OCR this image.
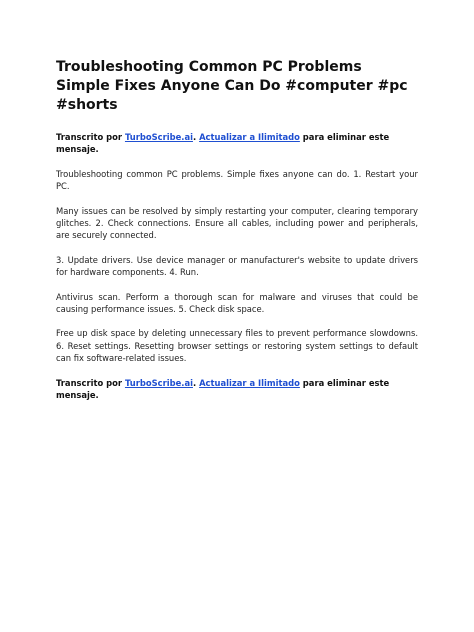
Troubleshooting Common PC Problems Simple Fixes Anyone Can Do #computer #pc #shorts
Transcrito por TurboScribe.ai. Actualizar a Ilimitado para eliminar este mensaje.

Troubleshooting common PC problems. Simple fixes anyone can do. 1. Restart your PC.

Many issues can be resolved by simply restarting your computer, clearing temporary glitches. 2. Check connections. Ensure all cables, including power and peripherals, are securely connected.

3. Update drivers. Use device manager or manufacturer's website to update drivers for hardware components. 4. Run.

Antivirus scan. Perform a thorough scan for malware and viruses that could be causing performance issues. 5. Check disk space.

Free up disk space by deleting unnecessary files to prevent performance slowdowns. 6. Reset settings. Resetting browser settings or restoring system settings to default can fix software-related issues.

Transcrito por TurboScribe.ai. Actualizar a Ilimitado para eliminar este mensaje.
